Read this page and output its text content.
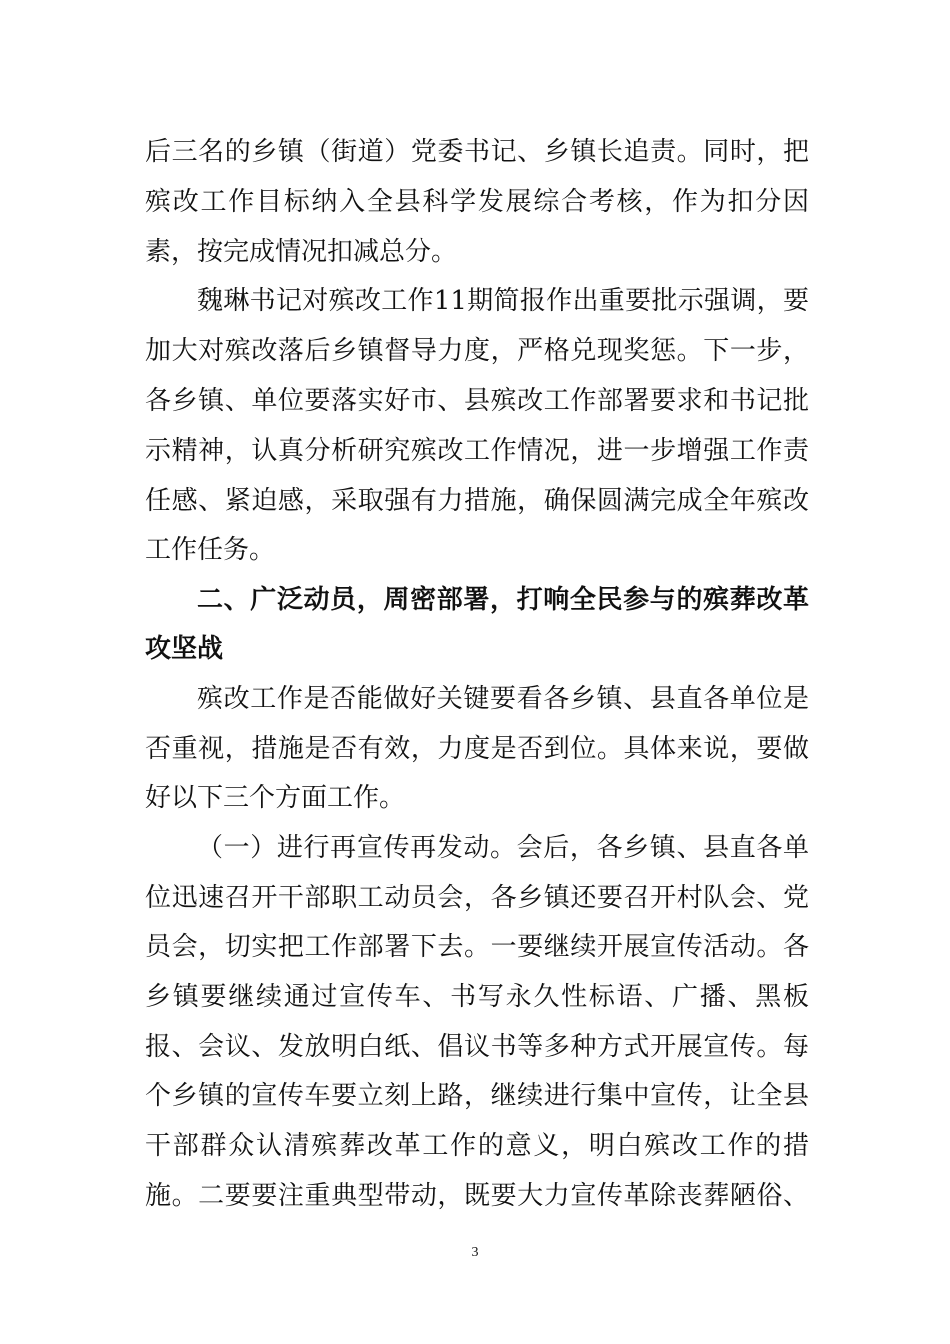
后三名的乡镇（街道）党委书记、乡镇长追责。同时，把
殡改工作目标纳入全县科学发展综合考核，作为扣分因
素，按完成情况扣减总分。
魏琳书记对殡改工作11期简报作出重要批示强调，要
加大对殡改落后乡镇督导力度，严格兑现奖惩。下一步，
各乡镇、单位要落实好市、县殡改工作部署要求和书记批
示精神，认真分析研究殡改工作情况，进一步增强工作责
任感、紧迫感，采取强有力措施，确保圆满完成全年殡改
工作任务。
二、广泛动员，周密部署，打响全民参与的殡葬改革
攻坚战
殡改工作是否能做好关键要看各乡镇、县直各单位是
否重视，措施是否有效，力度是否到位。具体来说，要做
好以下三个方面工作。
（一）进行再宣传再发动。会后，各乡镇、县直各单
位迅速召开干部职工动员会，各乡镇还要召开村队会、党
员会，切实把工作部署下去。一要继续开展宣传活动。各
乡镇要继续通过宣传车、书写永久性标语、广播、黑板
报、会议、发放明白纸、倡议书等多种方式开展宣传。每
个乡镇的宣传车要立刻上路，继续进行集中宣传，让全县
干部群众认清殡葬改革工作的意义，明白殡改工作的措
施。二要要注重典型带动，既要大力宣传革除丧葬陋俗、
3
